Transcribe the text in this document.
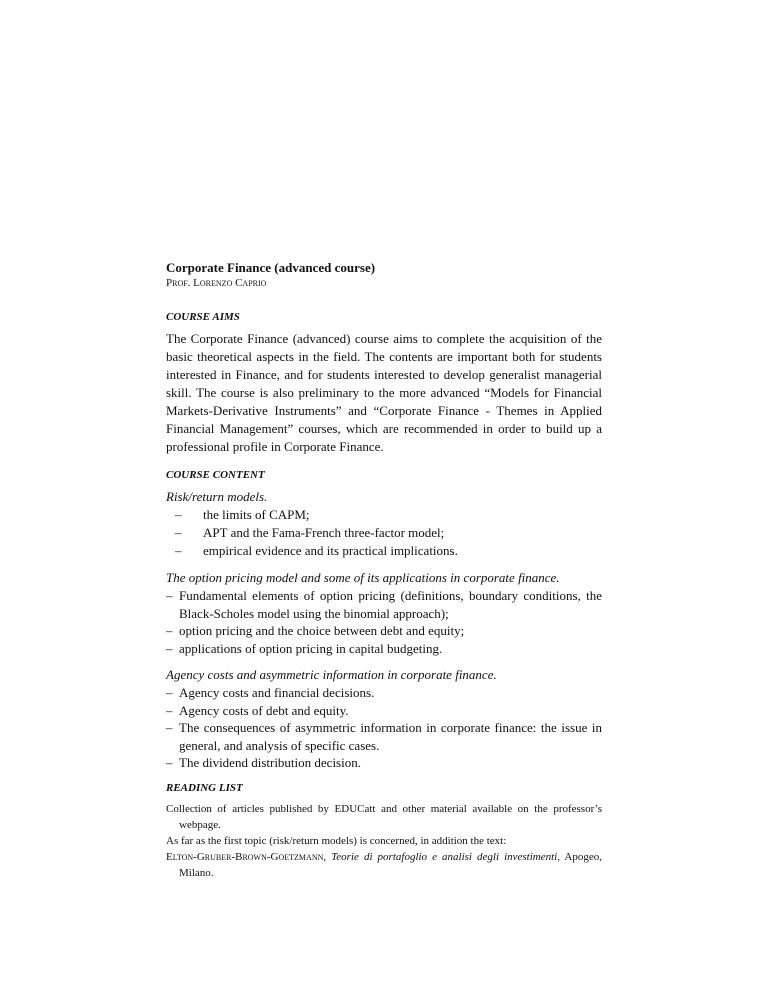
Corporate Finance (advanced course)

Prof. Lorenzo Caprio

COURSE AIMS

The Corporate Finance (advanced) course aims to complete the acquisition of the basic theoretical aspects in the field. The contents are important both for students interested in Finance, and for students interested to develop generalist managerial skill. The course is also preliminary to the more advanced “Models for Financial Markets-Derivative Instruments” and “Corporate Finance - Themes in Applied Financial Management” courses, which are recommended in order to build up a professional profile in Corporate Finance.

COURSE CONTENT

Risk/return models.

– the limits of CAPM;
– APT and the Fama-French three-factor model;
– empirical evidence and its practical implications.

The option pricing model and some of its applications in corporate finance.

– Fundamental elements of option pricing (definitions, boundary conditions, the Black-Scholes model using the binomial approach);
– option pricing and the choice between debt and equity;
– applications of option pricing in capital budgeting.

Agency costs and asymmetric information in corporate finance.

– Agency costs and financial decisions.
– Agency costs of debt and equity.
– The consequences of asymmetric information in corporate finance: the issue in general, and analysis of specific cases.
– The dividend distribution decision.

READING LIST

Collection of articles published by EDUCatt and other material available on the professor’s webpage.

As far as the first topic (risk/return models) is concerned, in addition the text:

Elton-Gruber-Brown-Goetzmann, Teorie di portafoglio e analisi degli investimenti, Apogeo, Milano.
